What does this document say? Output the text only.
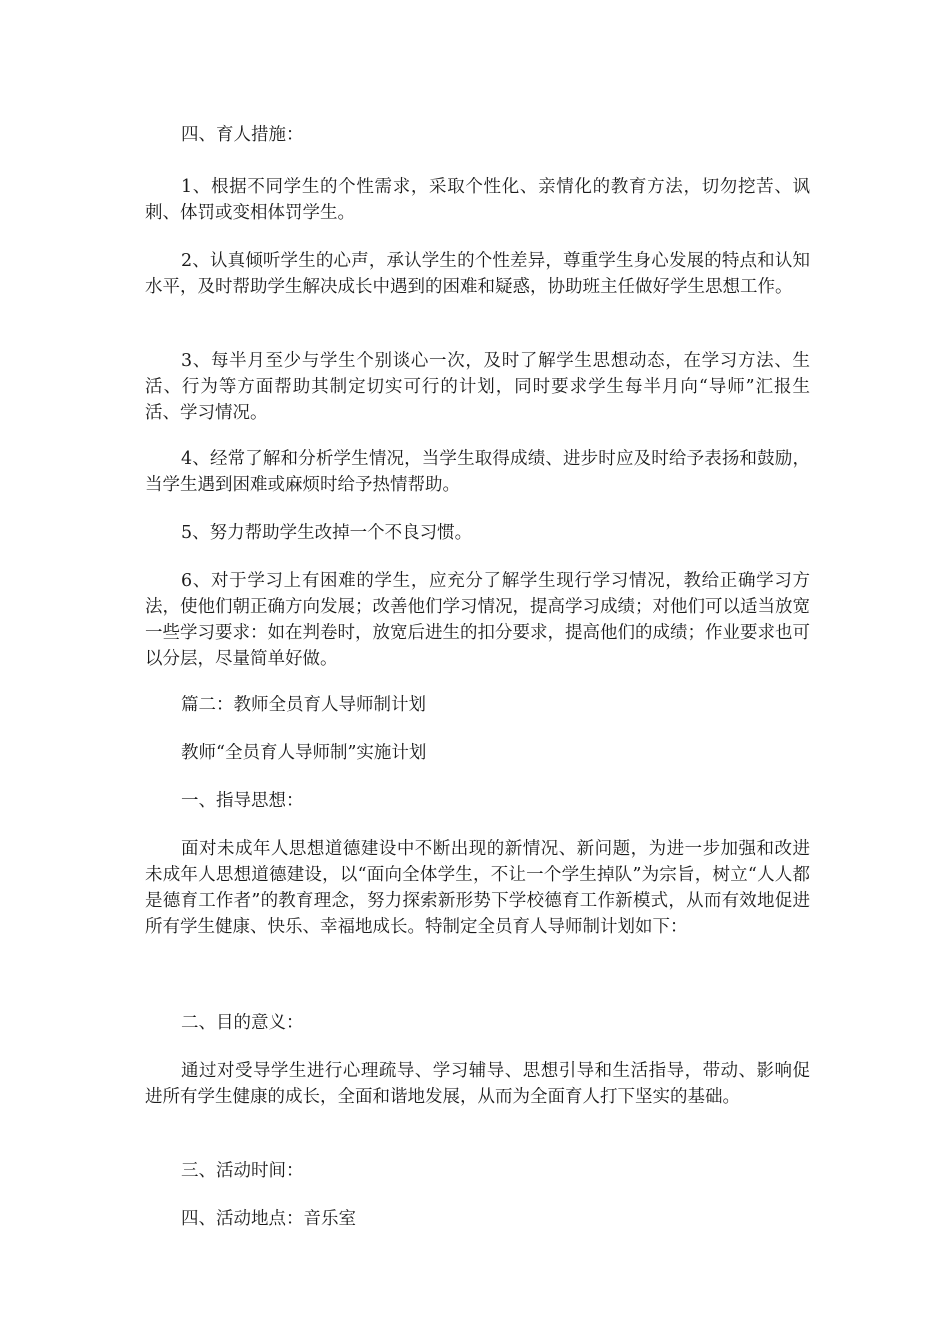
四、育人措施：

1、根据不同学生的个性需求，采取个性化、亲情化的教育方法，切勿挖苦、讽刺、体罚或变相体罚学生。

2、认真倾听学生的心声，承认学生的个性差异，尊重学生身心发展的特点和认知水平，及时帮助学生解决成长中遇到的困难和疑惑，协助班主任做好学生思想工作。

3、每半月至少与学生个别谈心一次，及时了解学生思想动态，在学习方法、生活、行为等方面帮助其制定切实可行的计划，同时要求学生每半月向“导师”汇报生活、学习情况。

4、经常了解和分析学生情况，当学生取得成绩、进步时应及时给予表扬和鼓励，当学生遇到困难或麻烦时给予热情帮助。

5、努力帮助学生改掉一个不良习惯。

6、对于学习上有困难的学生，应充分了解学生现行学习情况，教给正确学习方法，使他们朝正确方向发展；改善他们学习情况，提高学习成绩；对他们可以适当放宽一些学习要求：如在判卷时，放宽后进生的扣分要求，提高他们的成绩；作业要求也可以分层，尽量简单好做。

篇二：教师全员育人导师制计划

教师“全员育人导师制”实施计划

一、指导思想：

面对未成年人思想道德建设中不断出现的新情况、新问题，为进一步加强和改进未成年人思想道德建设，以“面向全体学生，不让一个学生掉队”为宗旨，树立“人人都是德育工作者”的教育理念，努力探索新形势下学校德育工作新模式，从而有效地促进所有学生健康、快乐、幸福地成长。特制定全员育人导师制计划如下：

二、目的意义：

通过对受导学生进行心理疏导、学习辅导、思想引导和生活指导，带动、影响促进所有学生健康的成长，全面和谐地发展，从而为全面育人打下坚实的基础。

三、活动时间：

四、活动地点：音乐室
